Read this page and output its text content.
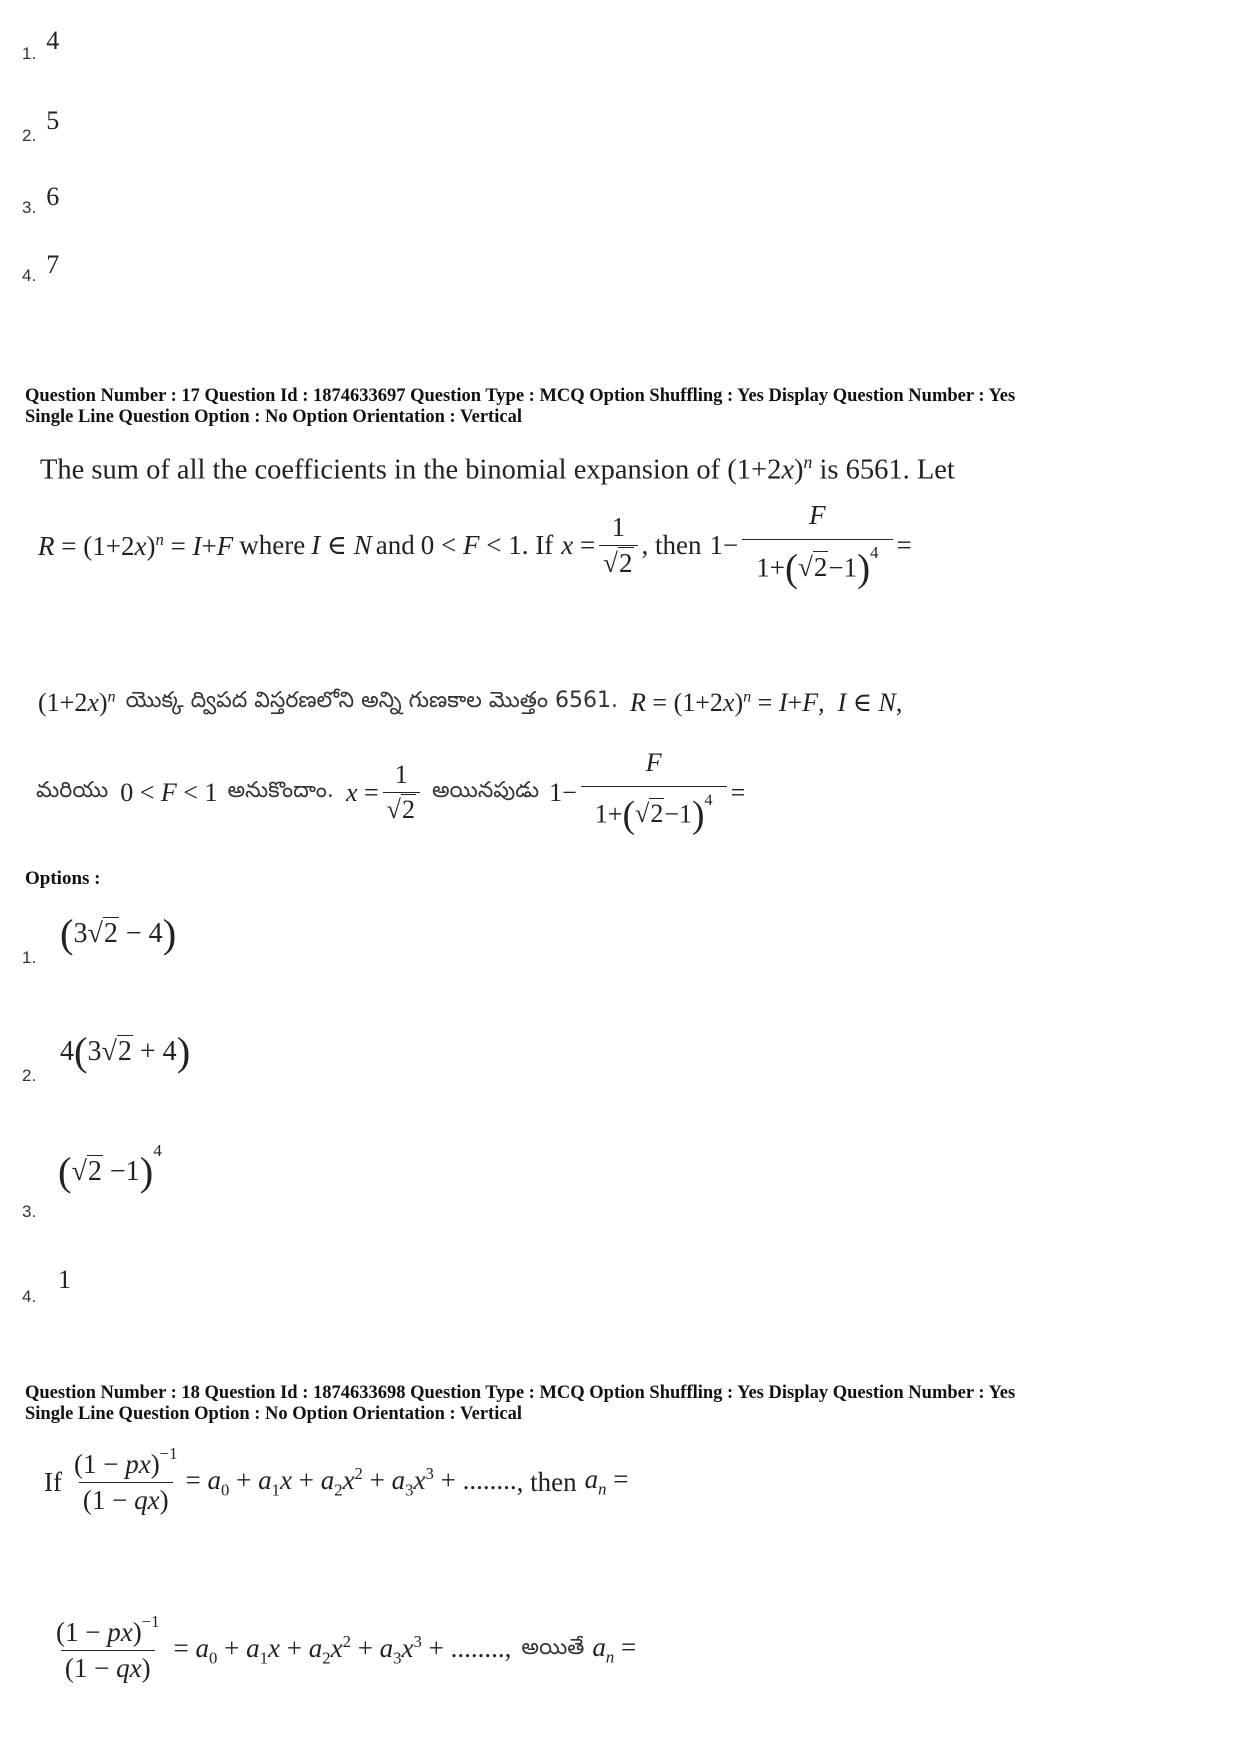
1. 4
2. 5
3. 6
4. 7
Question Number : 17 Question Id : 1874633697 Question Type : MCQ Option Shuffling : Yes Display Question Number : Yes
Single Line Question Option : No Option Orientation : Vertical
The sum of all the coefficients in the binomial expansion of $(1+2x)^n$ is 6561. Let
$R = (1+2x)^n = I+F$ where I ∈ N and 0 < F < 1 . If $x = \frac{1}{√2}$ , then $1- \frac{F}{1+(√2-1)^4}$ =
$(1+2x)^n$ యొక్క ద్విపద విస్తరణలోని అన్ని గుణకాల మొత్తం 6561. $R = (1+2x)^n = I+F$,  I ∈ N,
మరియు 0 < F < 1 అనుకొందాం. $x = \frac{1}{√2}$ అయినపుడు $1- \frac{F}{1+(√2-1)^4}$ =
Options :
1.
(3√2 − 4)
2.
4(3√2 + 4)
3.
$(√2 -1)^4$
4.
1
Question Number : 18 Question Id : 1874633698 Question Type : MCQ Option Shuffling : Yes Display Question Number : Yes
Single Line Question Option : No Option Orientation : Vertical
If $\frac{(1 - px)^{-1}}{(1 - qx)} = a_0 + a_1x + a_2x^2 + a_3x^3$ + ........ , then $a_n$ =
$\frac{(1 - px)^{-1}}{(1 - qx)} = a_0 + a_1x + a_2x^2 + a_3x^3$ + ........, అయితే $a_n$ =
